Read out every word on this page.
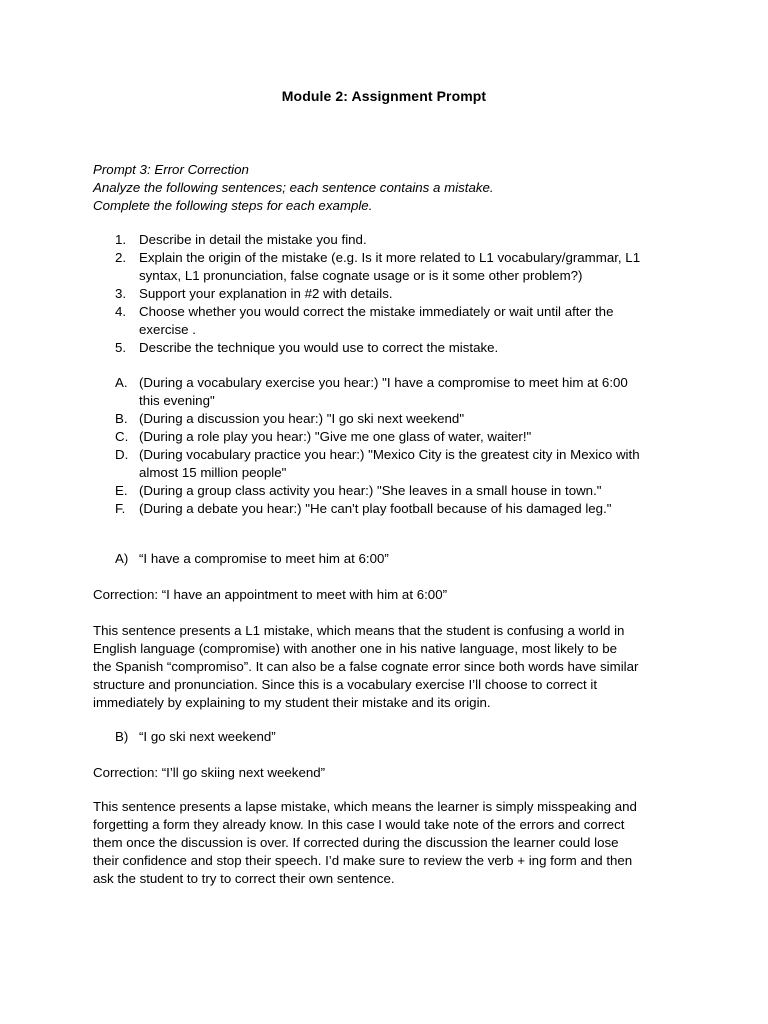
Module 2: Assignment Prompt
Prompt 3: Error Correction
Analyze the following sentences; each sentence contains a mistake.
Complete the following steps for each example.
1. Describe in detail the mistake you find.
2. Explain the origin of the mistake (e.g. Is it more related to L1 vocabulary/grammar, L1
syntax, L1 pronunciation, false cognate usage or is it some other problem?)
3. Support your explanation in #2 with details.
4. Choose whether you would correct the mistake immediately or wait until after the
exercise .
5. Describe the technique you would use to correct the mistake.
A. (During a vocabulary exercise you hear:) "I have a compromise to meet him at 6:00
this evening"
B. (During a discussion you hear:) "I go ski next weekend"
C. (During a role play you hear:) "Give me one glass of water, waiter!"
D. (During vocabulary practice you hear:) "Mexico City is the greatest city in Mexico with
almost 15 million people"
E. (During a group class activity you hear:) "She leaves in a small house in town."
F.	(During a debate you hear:) "He can't play football because of his damaged leg."
A) “I have a compromise to meet him at 6:00”
Correction: “I have an appointment to meet with him at 6:00”
This sentence presents a L1 mistake, which means that the student is confusing a world in
English language (compromise) with another one in his native language, most likely to be
the Spanish “compromiso”. It can also be a false cognate error since both words have similar
structure and pronunciation. Since this is a vocabulary exercise I’ll choose to correct it
immediately by explaining to my student their mistake and its origin.
B) “I go ski next weekend”
Correction: “I’ll go skiing next weekend”
This sentence presents a lapse mistake, which means the learner is simply misspeaking and
forgetting a form they already know. In this case I would take note of the errors and correct
them once the discussion is over. If corrected during the discussion the learner could lose
their confidence and stop their speech. I’d make sure to review the verb + ing form and then
ask the student to try to correct their own sentence.
